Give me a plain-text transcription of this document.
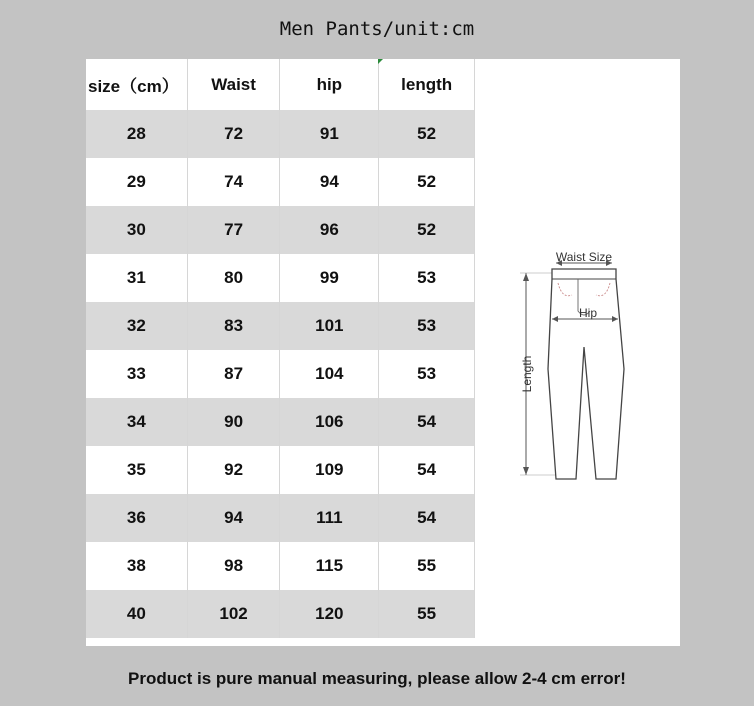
Men Pants/unit:cm
size（cm）	Waist	hip	length
28	72	91	52
29	74	94	52
30	77	96	52
31	80	99	53
32	83	101	53
33	87	104	53
34	90	106	54
35	92	109	54
36	94	111	54
38	98	115	55
40	102	120	55
Waist Size
Length
Hip
Product is pure manual measuring, please allow 2-4 cm error!
